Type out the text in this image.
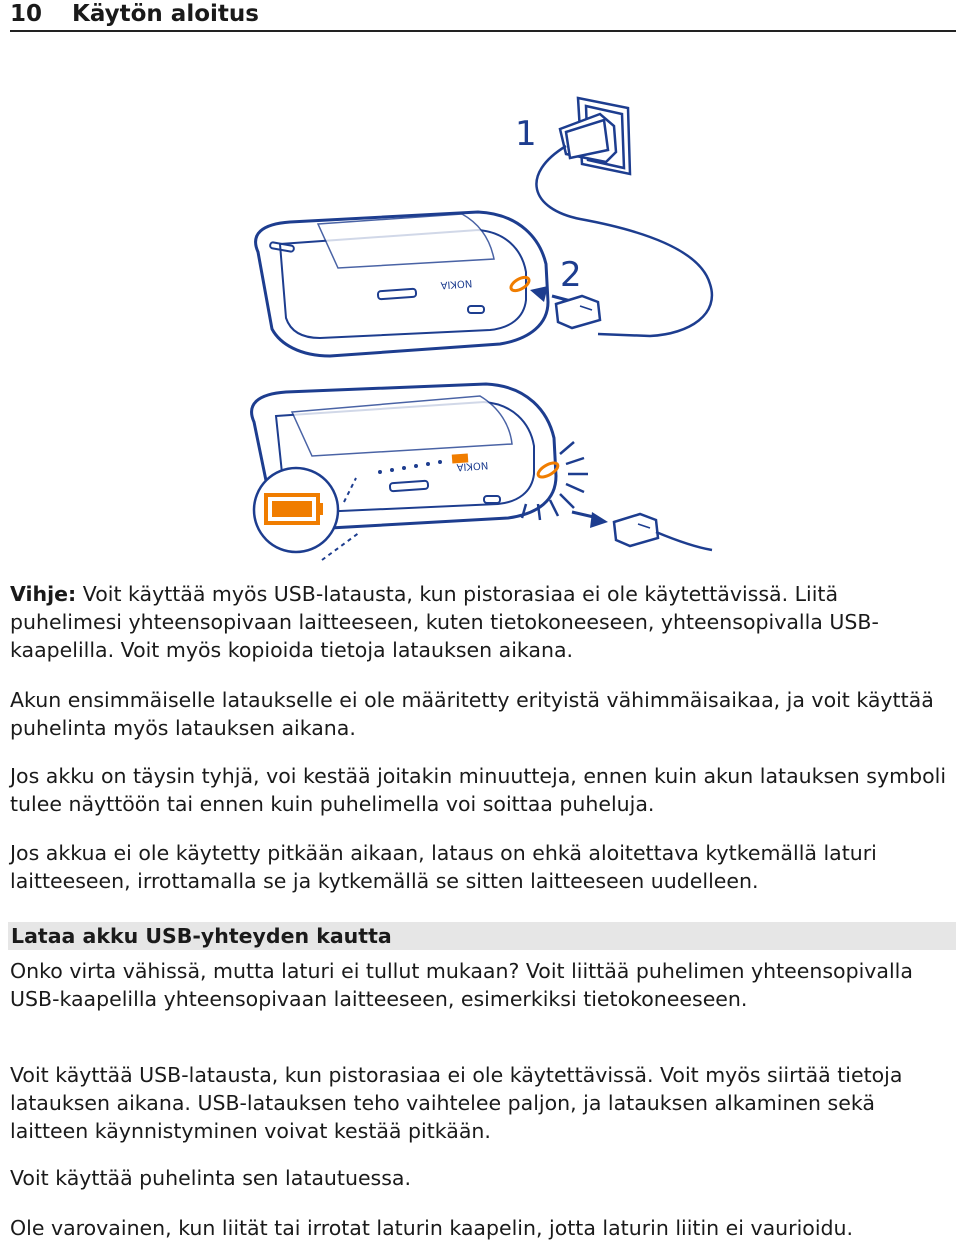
10 Käytön aloitus
1
NOKIA	2
NOKIA

Vihje: Voit käyttää myös USB-latausta, kun pistorasiaa ei ole käytettävissä. Liitä puhelimesi yhteensopivaan laitteeseen, kuten tietokoneeseen, yhteensopivalla USB-kaapelilla. Voit myös kopioida tietoja latauksen aikana.

Akun ensimmäiselle lataukselle ei ole määritetty erityistä vähimmäisaikaa, ja voit käyttää puhelinta myös latauksen aikana.

Jos akku on täysin tyhjä, voi kestää joitakin minuutteja, ennen kuin akun latauksen symboli tulee näyttöön tai ennen kuin puhelimella voi soittaa puheluja.

Jos akkua ei ole käytetty pitkään aikaan, lataus on ehkä aloitettava kytkemällä laturi laitteeseen, irrottamalla se ja kytkemällä se sitten laitteeseen uudelleen.

Lataa akku USB-yhteyden kautta

Onko virta vähissä, mutta laturi ei tullut mukaan? Voit liittää puhelimen yhteensopivalla USB-kaapelilla yhteensopivaan laitteeseen, esimerkiksi tietokoneeseen.

Voit käyttää USB-latausta, kun pistorasiaa ei ole käytettävissä. Voit myös siirtää tietoja latauksen aikana. USB-latauksen teho vaihtelee paljon, ja latauksen alkaminen sekä laitteen käynnistyminen voivat kestää pitkään.

Voit käyttää puhelinta sen latautuessa.

Ole varovainen, kun liität tai irrotat laturin kaapelin, jotta laturin liitin ei vaurioidu.
